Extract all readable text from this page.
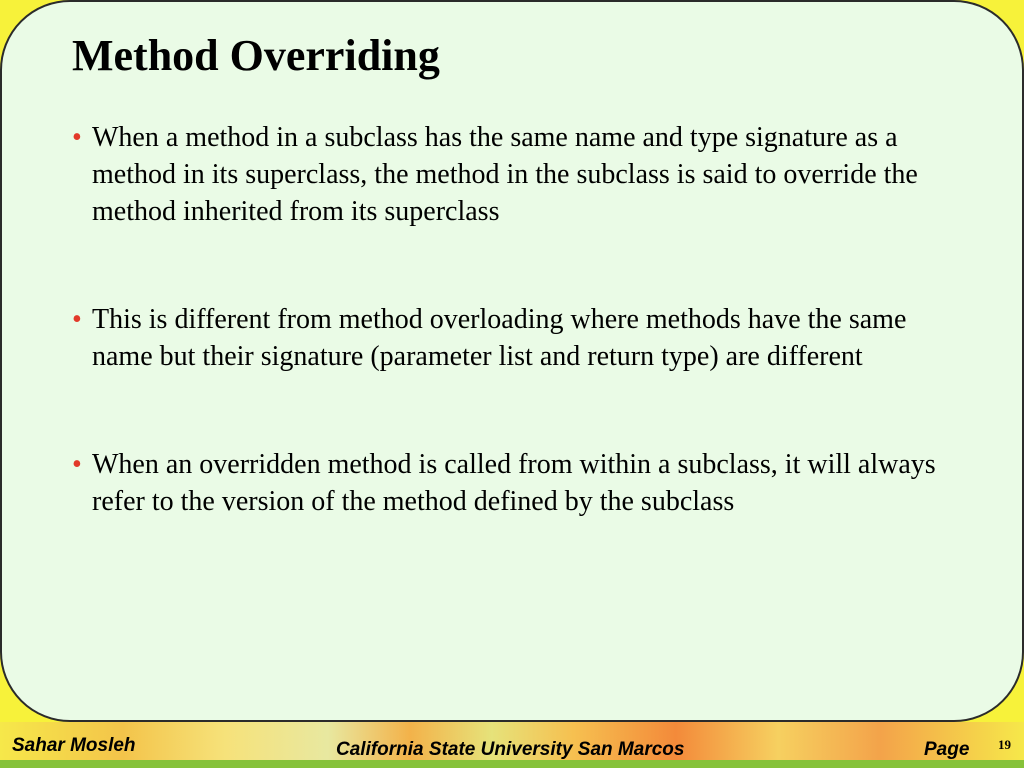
Method Overriding
• When a method in a subclass has the same name and type signature as a method in its superclass, the method in the subclass is said to override the method inherited from its superclass
• This is different from method overloading where methods have the same name but their signature (parameter list and return type) are different
• When an overridden method is called from within a subclass, it will always refer to the version of the method defined by the subclass
Sahar Mosleh	California State University San Marcos	Page 19
